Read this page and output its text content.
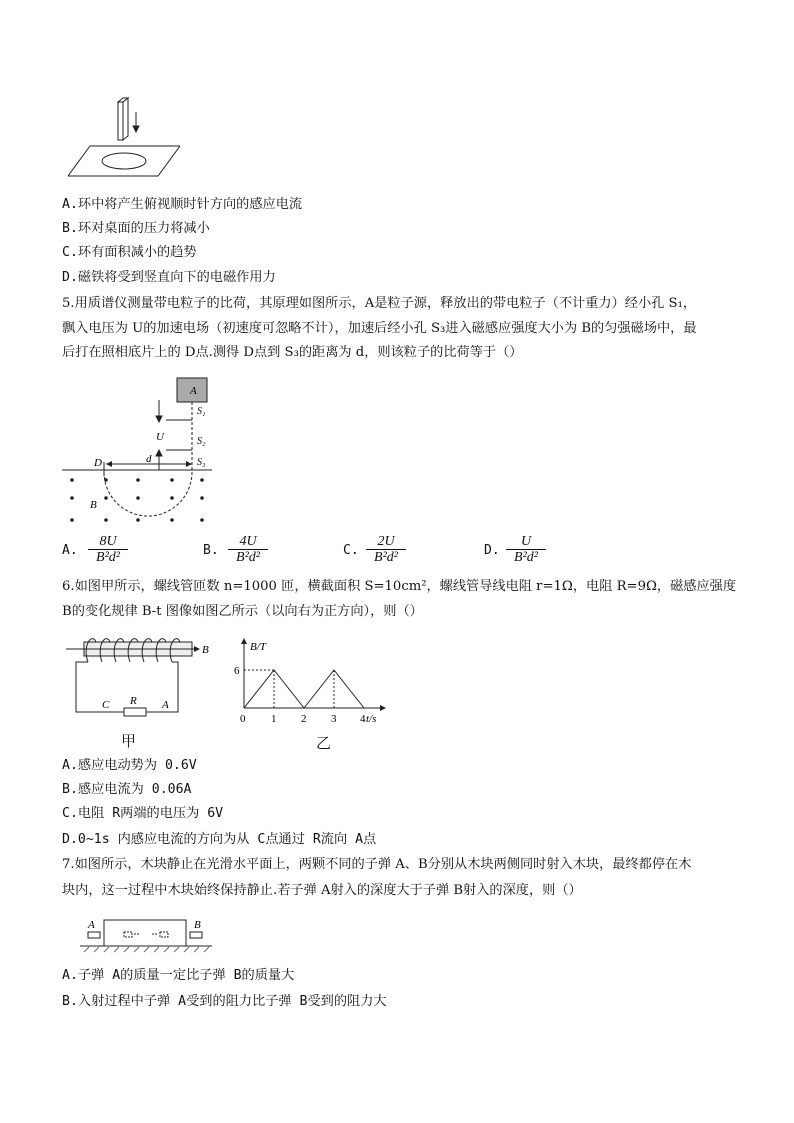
A.环中将产生俯视顺时针方向的感应电流
B.环对桌面的压力将减小
C.环有面积减小的趋势
D.磁铁将受到竖直向下的电磁作用力
5.用质谱仪测量带电粒子的比荷，其原理如图所示，A是粒子源，释放出的带电粒子（不计重力）经小孔 S₁，
飘入电压为 U的加速电场（初速度可忽略不计），加速后经小孔 S₃进入磁感应强度大小为 B的匀强磁场中，最
后打在照相底片上的 D点.测得 D点到 S₃的距离为 d，则该粒子的比荷等于（）
A
S₁
S₂
S₃
U
d
D
B
A. $\frac{8U}{\text{B²d²}}$	B. $\frac{4U}{\text{B²d²}}$	C. $\frac{2U}{\text{B²d²}}$	D. $\frac{U}{\text{B²d²}}$
6.如图甲所示，螺线管匝数 n=1000 匝，横截面积 S=10cm²，螺线管导线电阻 r=1Ω，电阻 R=9Ω，磁感应强度
B的变化规律 B-t 图像如图乙所示（以向右为正方向），则（）
B
R
C	A
甲
B/T
t/s
6
0 1 2 3 4
乙
A.感应电动势为 0.6V
B.感应电流为 0.06A
C.电阻 R两端的电压为 6V
D.0~1s 内感应电流的方向为从 C点通过 R流向 A点
7.如图所示，木块静止在光滑水平面上，两颗不同的子弹 A、B分别从木块两侧同时射入木块，最终都停在木
块内，这一过程中木块始终保持静止.若子弹 A射入的深度大于子弹 B射入的深度，则（）
A	B
A.子弹 A的质量一定比子弹 B的质量大
B.入射过程中子弹 A受到的阻力比子弹 B受到的阻力大
